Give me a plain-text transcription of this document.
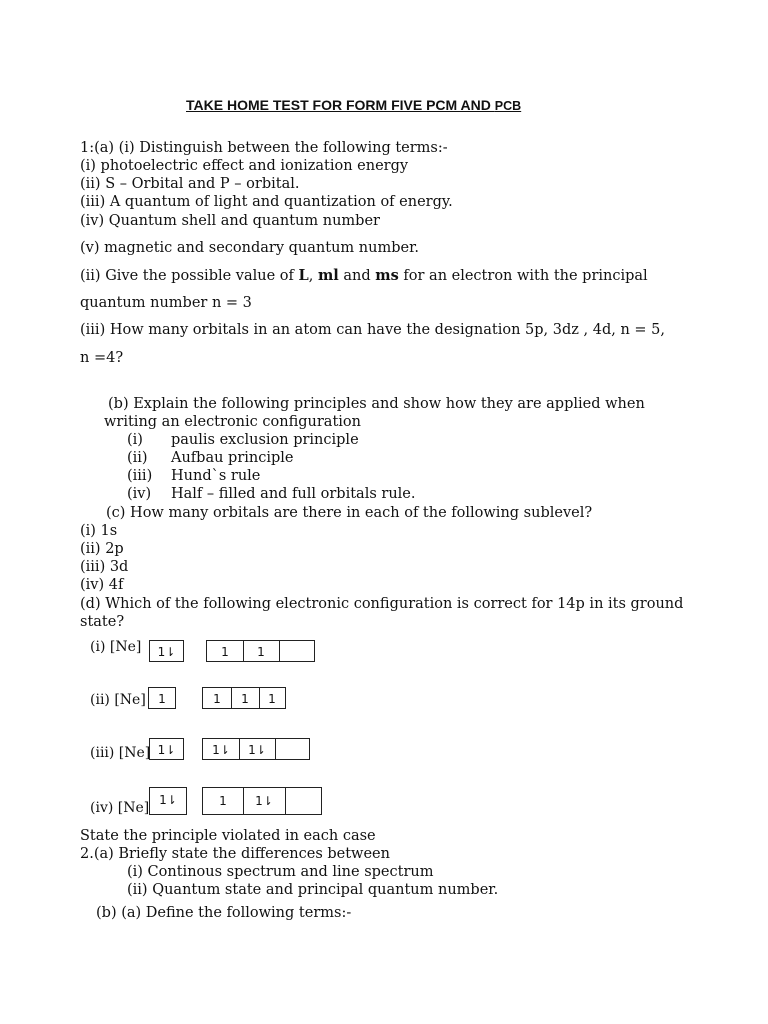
TAKE HOME TEST FOR FORM FIVE PCM AND PCB
1:(a) (i) Distinguish between the following terms:-
(i) photoelectric effect and ionization energy
(ii) S – Orbital and P – orbital.
(iii) A quantum of light and quantization of energy.
(iv) Quantum shell and quantum number
(v) magnetic and secondary quantum number.
(ii) Give the possible value of L, ml and ms for an electron with the principal
quantum number n = 3
(iii) How many orbitals in an atom can have the designation 5p, 3dz , 4d, n = 5,
n =4?
(b) Explain the following principles and show how they are applied when
writing an electronic configuration
(i) paulis exclusion principle
(ii) Aufbau principle
(iii) Hund`s rule
(iv) Half – filled and full orbitals rule.
(c) How many orbitals are there in each of the following sublevel?
(i) 1s
(ii) 2p
(iii) 3d
(iv) 4f
(d) Which of the following electronic configuration is correct for 14p in its ground
state?
(i) [Ne]	1⇂	1 1
(ii) [Ne]	1	1 1 1
(iii) [Ne] 1⇂	1⇂ 1⇂
(iv) [Ne] 1⇂	1 1⇂
State the principle violated in each case
2.(a) Briefly state the differences between
(i) Continous spectrum and line spectrum
(ii) Quantum state and principal quantum number.
(b) (a) Define the following terms:-
